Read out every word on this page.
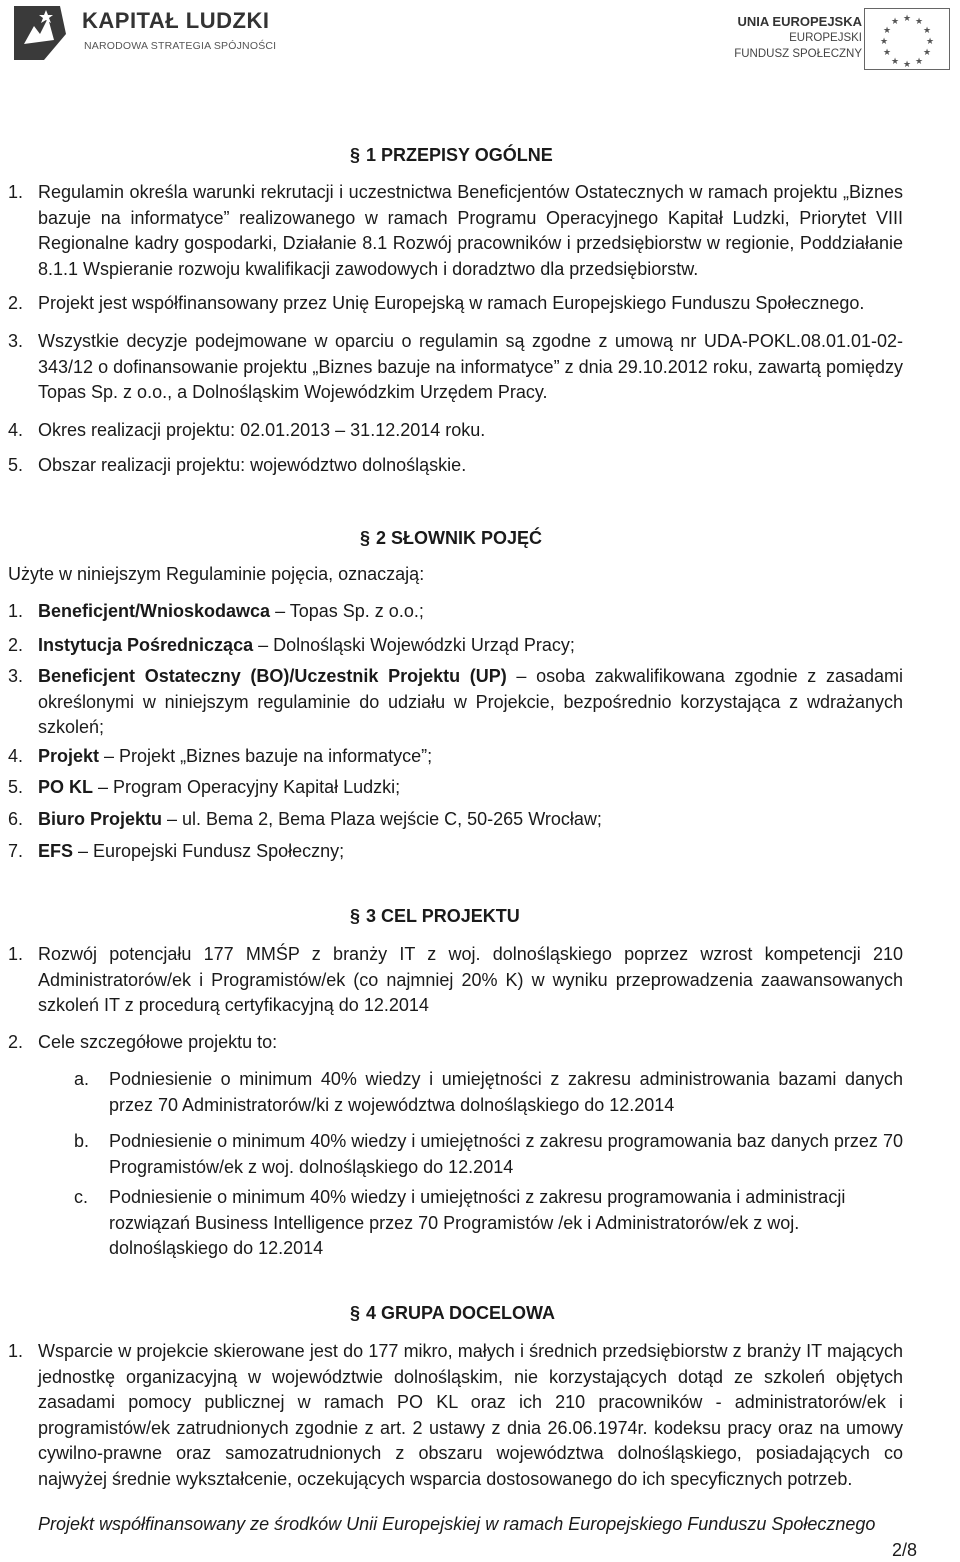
KAPITAŁ LUDZKI
NARODOWA STRATEGIA SPÓJNOŚCI
UNIA EUROPEJSKA
EUROPEJSKI
FUNDUSZ SPOŁECZNY
★ ★
★
★
★
★
★
★
★
★
★
★
§ 1 PRZEPISY OGÓLNE
1. Regulamin określa warunki rekrutacji i uczestnictwa Beneficjentów Ostatecznych w ramach projektu „Biznes bazuje na informatyce” realizowanego w ramach Programu Operacyjnego Kapitał Ludzki, Priorytet VIII Regionalne kadry gospodarki, Działanie 8.1 Rozwój pracowników i przedsiębiorstw w regionie, Poddziałanie 8.1.1 Wspieranie rozwoju kwalifikacji zawodowych i doradztwo dla przedsiębiorstw.
2. Projekt jest współfinansowany przez Unię Europejską w ramach Europejskiego Funduszu Społecznego.
3. Wszystkie decyzje podejmowane w oparciu o regulamin są zgodne z umową nr UDA-POKL.08.01.01-02-343/12 o dofinansowanie projektu „Biznes bazuje na informatyce” z dnia 29.10.2012 roku, zawartą pomiędzy Topas Sp. z o.o., a Dolnośląskim Wojewódzkim Urzędem Pracy.
4. Okres realizacji projektu: 02.01.2013 – 31.12.2014 roku.
5. Obszar realizacji projektu: województwo dolnośląskie.
§ 2 SŁOWNIK POJĘĆ
Użyte w niniejszym Regulaminie pojęcia, oznaczają:
1. Beneficjent/Wnioskodawca – Topas Sp. z o.o.;
2. Instytucja Pośrednicząca – Dolnośląski Wojewódzki Urząd Pracy;
3. Beneficjent Ostateczny (BO)/Uczestnik Projektu (UP) – osoba zakwalifikowana zgodnie z zasadami określonymi w niniejszym regulaminie do udziału w Projekcie, bezpośrednio korzystająca z wdrażanych szkoleń;
4. Projekt – Projekt „Biznes bazuje na informatyce”;
5. PO KL – Program Operacyjny Kapitał Ludzki;
6. Biuro Projektu – ul. Bema 2, Bema Plaza wejście C, 50-265 Wrocław;
7. EFS – Europejski Fundusz Społeczny;
§ 3 CEL PROJEKTU
1. Rozwój potencjału 177 MMŚP z branży IT z woj. dolnośląskiego poprzez wzrost kompetencji 210 Administratorów/ek i Programistów/ek (co najmniej 20% K) w wyniku przeprowadzenia zaawansowanych szkoleń IT z procedurą certyfikacyjną do 12.2014
2. Cele szczegółowe projektu to:
a. Podniesienie o minimum 40% wiedzy i umiejętności z zakresu administrowania bazami danych przez 70 Administratorów/ki z województwa dolnośląskiego do 12.2014
b. Podniesienie o minimum 40% wiedzy i umiejętności z zakresu programowania baz danych przez 70 Programistów/ek z woj. dolnośląskiego do 12.2014
c. Podniesienie o minimum 40% wiedzy i umiejętności z zakresu programowania i administracji rozwiązań Business Intelligence przez 70 Programistów /ek i Administratorów/ek z woj. dolnośląskiego do 12.2014
§ 4 GRUPA DOCELOWA
1. Wsparcie w projekcie skierowane jest do 177 mikro, małych i średnich przedsiębiorstw z branży IT mających jednostkę organizacyjną w województwie dolnośląskim, nie korzystających dotąd ze szkoleń objętych zasadami pomocy publicznej w ramach PO KL oraz ich 210 pracowników - administratorów/ek i programistów/ek zatrudnionych zgodnie z art. 2 ustawy z dnia 26.06.1974r. kodeksu pracy oraz na umowy cywilno-prawne oraz samozatrudnionych z obszaru województwa dolnośląskiego, posiadających co najwyżej średnie wykształcenie, oczekujących wsparcia dostosowanego do ich specyficznych potrzeb.
Projekt współfinansowany ze środków Unii Europejskiej w ramach Europejskiego Funduszu Społecznego
2/8
